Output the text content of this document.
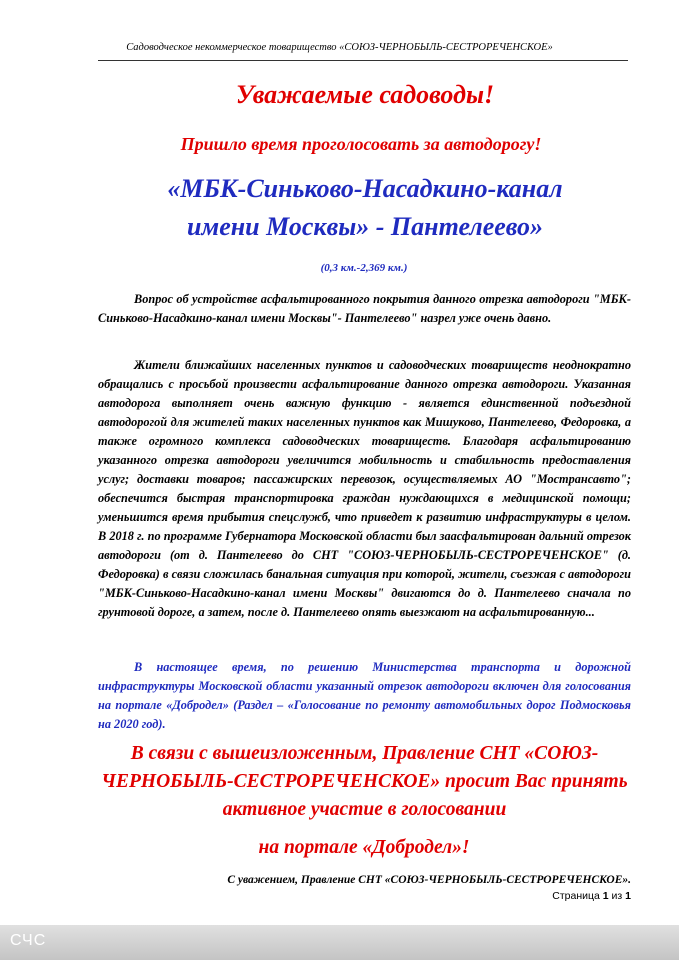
Садоводческое некоммерческое товарищество «СОЮЗ-ЧЕРНОБЫЛЬ-СЕСТРОРЕЧЕНСКОЕ»
Уважаемые садоводы!
Пришло время проголосовать за автодорогу!
«МБК-Синьково-Насадкино-канал
имени Москвы» - Пантелеево»
(0,3 км.-2,369 км.)

Вопрос об устройстве асфальтированного покрытия данного отрезка автодороги "МБК-Синьково-Насадкино-канал имени Москвы"- Пантелеево" назрел уже очень давно.

Жители ближайших населенных пунктов и садоводческих товариществ неоднократно обращались с просьбой произвести асфальтирование данного отрезка автодороги. Указанная автодорога выполняет очень важную функцию - является единственной подъездной автодорогой для жителей таких населенных пунктов как Мишуково, Пантелеево, Федоровка, а также огромного комплекса садоводческих товариществ. Благодаря асфальтированию указанного отрезка автодороги увеличится мобильность и стабильность предоставления услуг; доставки товаров; пассажирских перевозок, осуществляемых АО "Мострансавто"; обеспечится быстрая транспортировка граждан нуждающихся в медицинской помощи; уменьшится время прибытия спецслужб, что приведет к развитию инфраструктуры в целом. В 2018 г. по программе Губернатора Московской области был заасфальтирован дальний отрезок автодороги (от д. Пантелеево до СНТ "СОЮЗ-ЧЕРНОБЫЛЬ-СЕСТРОРЕЧЕНСКОЕ" (д. Федоровка) в связи сложилась банальная ситуация при которой, жители, съезжая с автодороги "МБК-Синьково-Насадкино-канал имени Москвы" двигаются до д. Пантелеево сначала по грунтовой дороге, а затем, после д. Пантелеево опять выезжают на асфальтированную...

В настоящее время, по решению Министерства транспорта и дорожной инфраструктуры Московской области указанный отрезок автодороги включен для голосования на портале «Добродел» (Раздел – «Голосование по ремонту автомобильных дорог Подмосковья на 2020 год).

В связи с вышеизложенным, Правление СНТ «СОЮЗ-ЧЕРНОБЫЛЬ-СЕСТРОРЕЧЕНСКОЕ» просит Вас принять активное участие в голосовании
на портале «Добродел»!
С уважением, Правление СНТ «СОЮЗ-ЧЕРНОБЫЛЬ-СЕСТРОРЕЧЕНСКОЕ».
Страница 1 из 1
СЧС
